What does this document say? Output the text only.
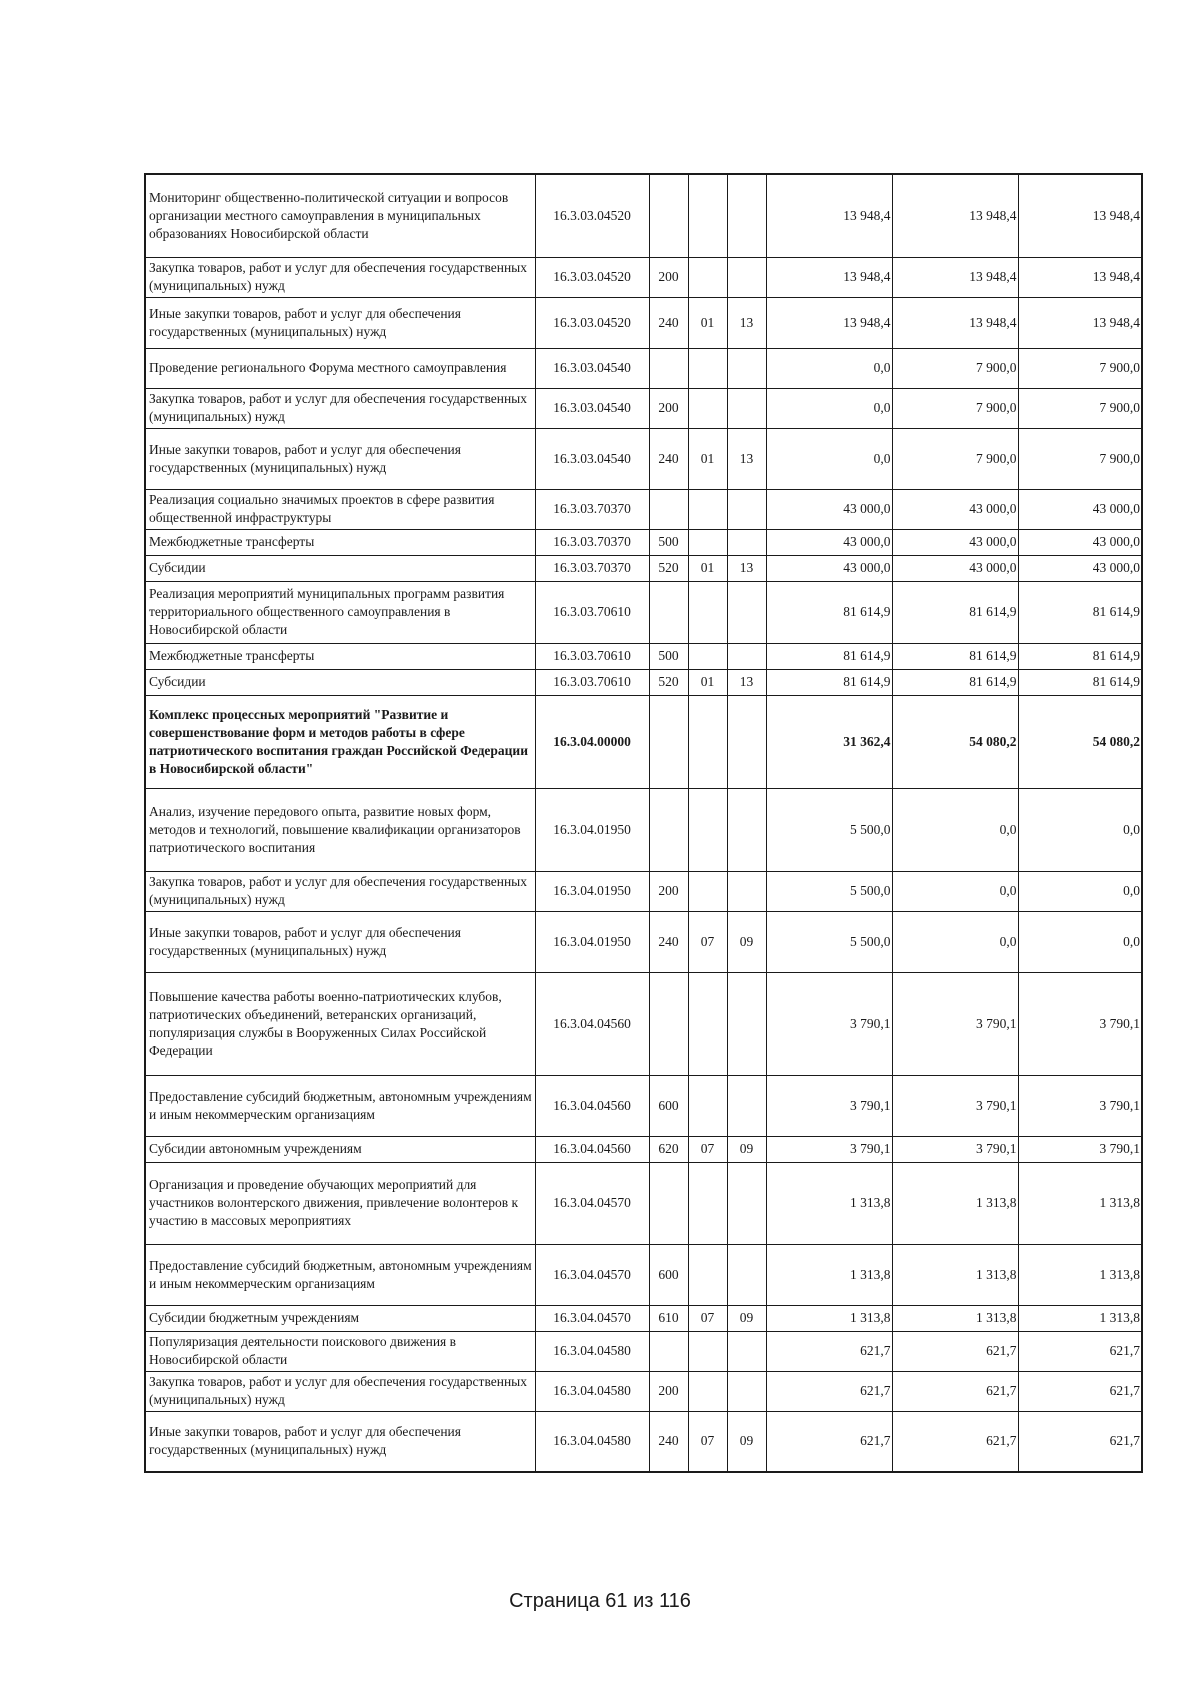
Мониторинг общественно-политической ситуации и вопросов организации местного самоуправления в муниципальных образованиях Новосибирской области	16.3.03.04520				13 948,4	13 948,4	13 948,4
Закупка товаров, работ и услуг для обеспечения государственных (муниципальных) нужд	16.3.03.04520	200			13 948,4	13 948,4	13 948,4
Иные закупки товаров, работ и услуг для обеспечения государственных (муниципальных) нужд	16.3.03.04520	240	01	13	13 948,4	13 948,4	13 948,4
Проведение регионального Форума местного самоуправления	16.3.03.04540				0,0	7 900,0	7 900,0
Закупка товаров, работ и услуг для обеспечения государственных (муниципальных) нужд	16.3.03.04540	200			0,0	7 900,0	7 900,0
Иные закупки товаров, работ и услуг для обеспечения государственных (муниципальных) нужд	16.3.03.04540	240	01	13	0,0	7 900,0	7 900,0
Реализация социально значимых проектов в сфере развития общественной инфраструктуры	16.3.03.70370				43 000,0	43 000,0	43 000,0
Межбюджетные трансферты	16.3.03.70370	500			43 000,0	43 000,0	43 000,0
Субсидии	16.3.03.70370	520	01	13	43 000,0	43 000,0	43 000,0
Реализация мероприятий муниципальных программ развития территориального общественного самоуправления в Новосибирской области	16.3.03.70610				81 614,9	81 614,9	81 614,9
Межбюджетные трансферты	16.3.03.70610	500			81 614,9	81 614,9	81 614,9
Субсидии	16.3.03.70610	520	01	13	81 614,9	81 614,9	81 614,9
Комплекс процессных мероприятий "Развитие и совершенствование форм и методов работы в сфере патриотического воспитания граждан Российской Федерации в Новосибирской области"	16.3.04.00000				31 362,4	54 080,2	54 080,2
Анализ, изучение передового опыта, развитие новых форм, методов и технологий, повышение квалификации организаторов патриотического воспитания	16.3.04.01950				5 500,0	0,0	0,0
Закупка товаров, работ и услуг для обеспечения государственных (муниципальных) нужд	16.3.04.01950	200			5 500,0	0,0	0,0
Иные закупки товаров, работ и услуг для обеспечения государственных (муниципальных) нужд	16.3.04.01950	240	07	09	5 500,0	0,0	0,0
Повышение качества работы военно-патриотических клубов, патриотических объединений, ветеранских организаций, популяризация службы в Вооруженных Силах Российской Федерации	16.3.04.04560				3 790,1	3 790,1	3 790,1
Предоставление субсидий бюджетным, автономным учреждениям и иным некоммерческим организациям	16.3.04.04560	600			3 790,1	3 790,1	3 790,1
Субсидии автономным учреждениям	16.3.04.04560	620	07	09	3 790,1	3 790,1	3 790,1
Организация и проведение обучающих мероприятий для участников волонтерского движения, привлечение волонтеров к участию в массовых мероприятиях	16.3.04.04570				1 313,8	1 313,8	1 313,8
Предоставление субсидий бюджетным, автономным учреждениям и иным некоммерческим организациям	16.3.04.04570	600			1 313,8	1 313,8	1 313,8
Субсидии бюджетным учреждениям	16.3.04.04570	610	07	09	1 313,8	1 313,8	1 313,8
Популяризация деятельности поискового движения в Новосибирской области	16.3.04.04580				621,7	621,7	621,7
Закупка товаров, работ и услуг для обеспечения государственных (муниципальных) нужд	16.3.04.04580	200			621,7	621,7	621,7
Иные закупки товаров, работ и услуг для обеспечения государственных (муниципальных) нужд	16.3.04.04580	240	07	09	621,7	621,7	621,7
Страница 61 из 116
